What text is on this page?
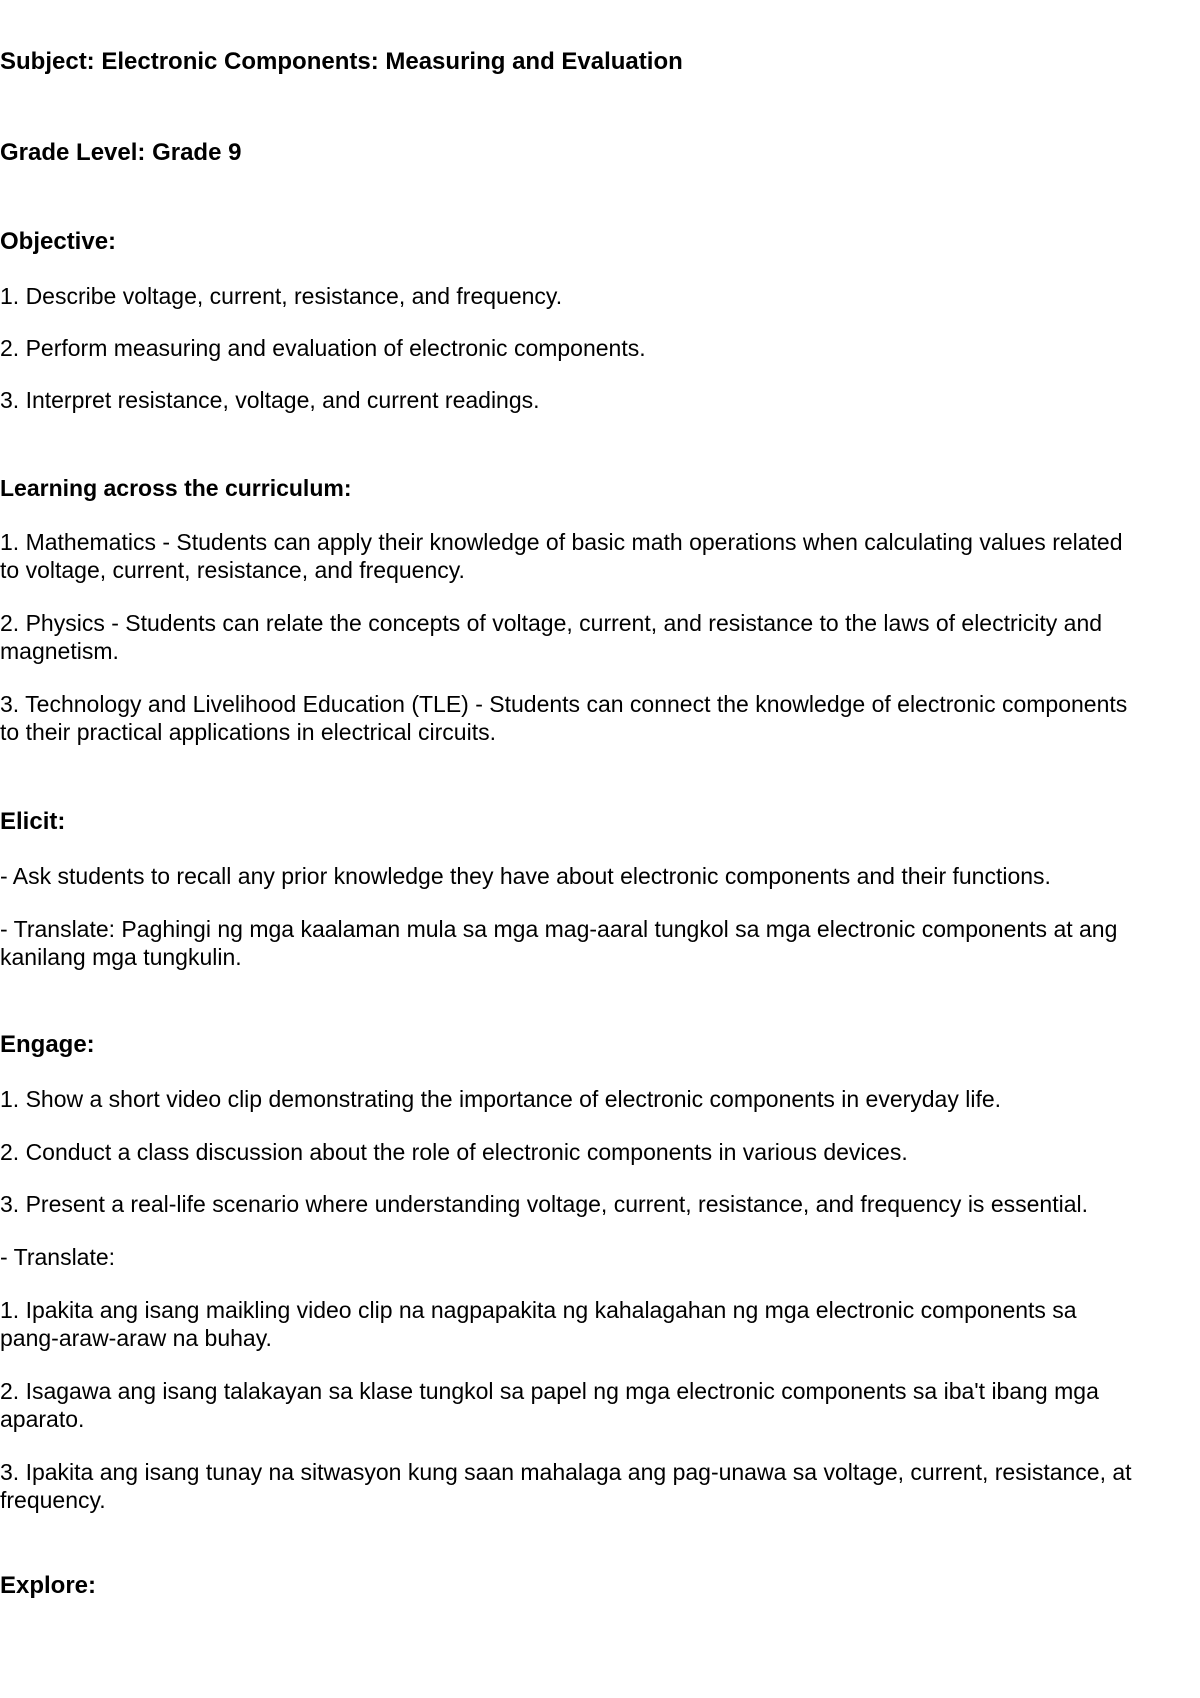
Subject: Electronic Components: Measuring and Evaluation

Grade Level: Grade 9

Objective:

1. Describe voltage, current, resistance, and frequency.

2. Perform measuring and evaluation of electronic components.

3. Interpret resistance, voltage, and current readings.

Learning across the curriculum:

1. Mathematics - Students can apply their knowledge of basic math operations when calculating values related

to voltage, current, resistance, and frequency.

2. Physics - Students can relate the concepts of voltage, current, and resistance to the laws of electricity and

magnetism.

3. Technology and Livelihood Education (TLE) - Students can connect the knowledge of electronic components

to their practical applications in electrical circuits.

Elicit:

- Ask students to recall any prior knowledge they have about electronic components and their functions.

- Translate: Paghingi ng mga kaalaman mula sa mga mag-aaral tungkol sa mga electronic components at ang

kanilang mga tungkulin.

Engage:

1. Show a short video clip demonstrating the importance of electronic components in everyday life.

2. Conduct a class discussion about the role of electronic components in various devices.

3. Present a real-life scenario where understanding voltage, current, resistance, and frequency is essential.

- Translate:

1. Ipakita ang isang maikling video clip na nagpapakita ng kahalagahan ng mga electronic components sa

pang-araw-araw na buhay.

2. Isagawa ang isang talakayan sa klase tungkol sa papel ng mga electronic components sa iba't ibang mga

aparato.

3. Ipakita ang isang tunay na sitwasyon kung saan mahalaga ang pag-unawa sa voltage, current, resistance, at

frequency.

Explore:
